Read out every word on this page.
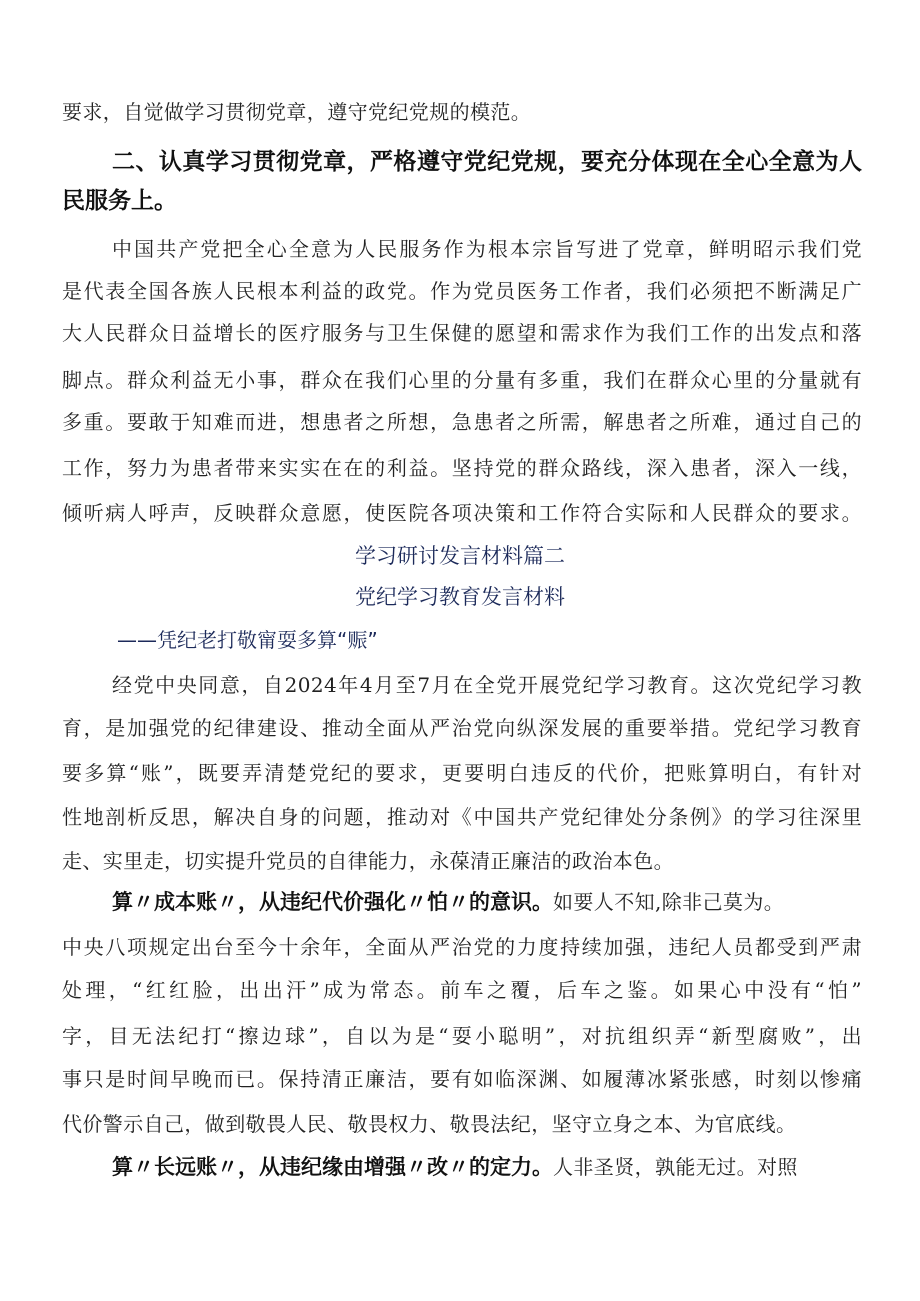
要求，自觉做学习贯彻党章，遵守党纪党规的模范。

二、认真学习贯彻党章，严格遵守党纪党规，要充分体现在全心全意为人

民服务上。

中国共产党把全心全意为人民服务作为根本宗旨写进了党章，鲜明昭示我们党

是代表全国各族人民根本利益的政党。作为党员医务工作者，我们必须把不断满足广

大人民群众日益增长的医疗服务与卫生保健的愿望和需求作为我们工作的出发点和落

脚点。群众利益无小事，群众在我们心里的分量有多重，我们在群众心里的分量就有

多重。要敢于知难而进，想患者之所想，急患者之所需，解患者之所难，通过自己的

工作，努力为患者带来实实在在的利益。坚持党的群众路线，深入患者，深入一线，

倾听病人呼声，反映群众意愿，使医院各项决策和工作符合实际和人民群众的要求。

学习研讨发言材料篇二

党纪学习教育发言材料

——凭纪老打敬甯耍多算“赈”

经党中央同意，自2024年4月至7月在全党开展党纪学习教育。这次党纪学习教

育，是加强党的纪律建设、推动全面从严治党向纵深发展的重要举措。党纪学习教育

要多算“账”，既要弄清楚党纪的要求，更要明白违反的代价，把账算明白，有针对

性地剖析反思，解决自身的问题，推动对《中国共产党纪律处分条例》的学习往深里

走、实里走，切实提升党员的自律能力，永葆清正廉洁的政治本色。

算〃成本账〃，从违纪代价强化〃怕〃的意识。如要人不知,除非己莫为。

中央八项规定出台至今十余年，全面从严治党的力度持续加强，违纪人员都受到严肃

处理，“红红脸，出出汗”成为常态。前车之覆，后车之鉴。如果心中没有“怕”

字，目无法纪打“擦边球”，自以为是“耍小聪明”，对抗组织弄“新型腐败”，出

事只是时间早晚而已。保持清正廉洁，要有如临深渊、如履薄冰紧张感，时刻以惨痛

代价警示自己，做到敬畏人民、敬畏权力、敬畏法纪，坚守立身之本、为官底线。

算〃长远账〃，从违纪缘由增强〃改〃的定力。人非圣贤，孰能无过。对照
